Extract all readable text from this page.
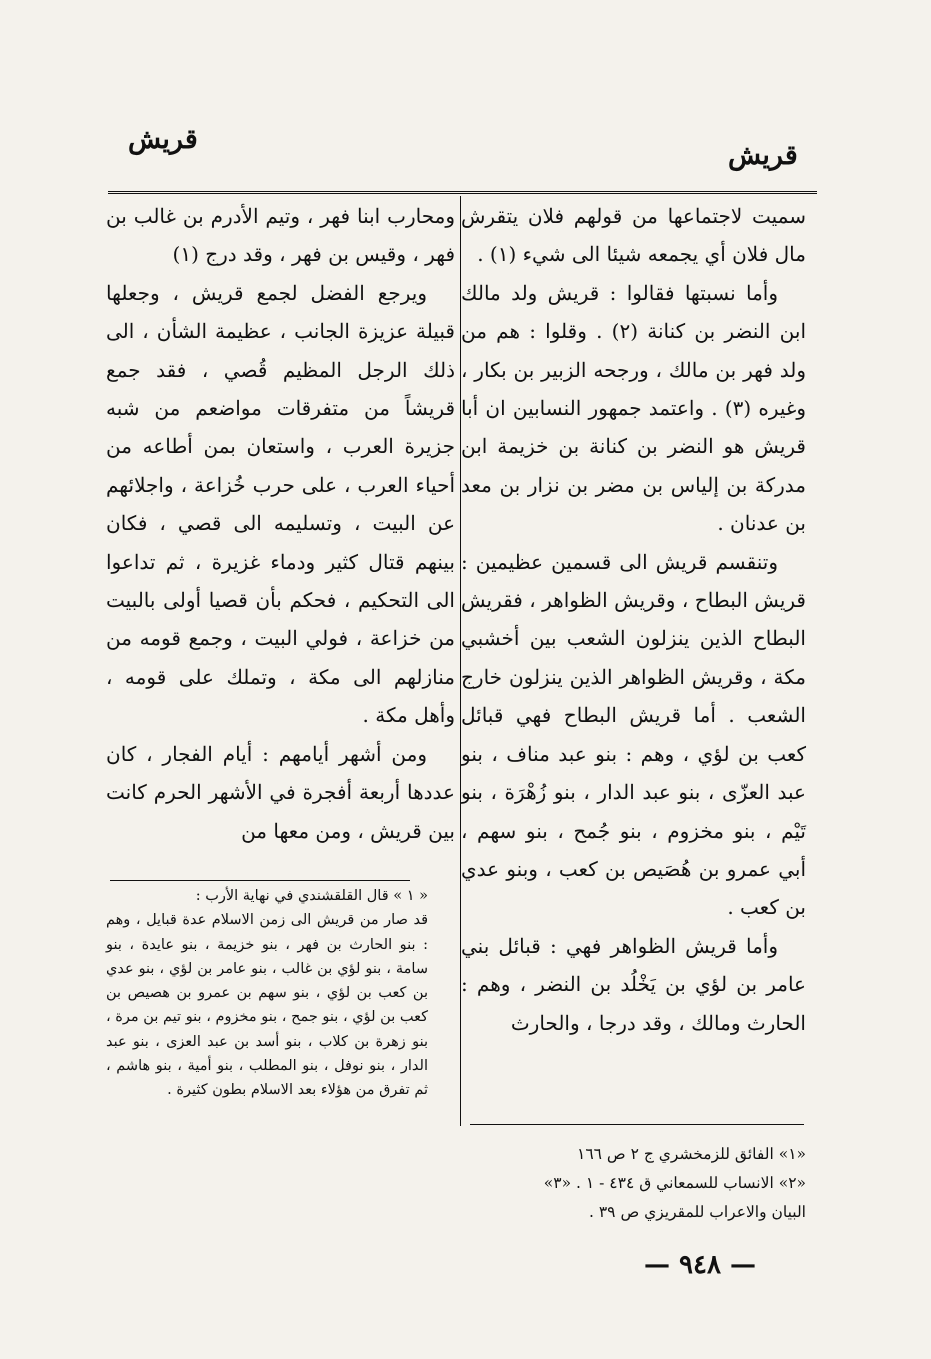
قريش
قريش

سميت لاجتماعها من قولهم فلان يتقرش مال فلان أي يجمعه شيئا الى شيء (١) .

وأما نسبتها فقالوا : قريش ولد مالك ابن النضر بن كنانة (٢) . وقلوا : هم من ولد فهر بن مالك ، ورجحه الزبير بن بكار ، وغيره (٣) . واعتمد جمهور النسابين ان أبا قريش هو النضر بن كنانة بن خزيمة ابن مدركة بن إلياس بن مضر بن نزار بن معد بن عدنان .

وتنقسم قريش الى قسمين عظيمين : قريش البطاح ، وقريش الظواهر ، فقريش البطاح الذين ينزلون الشعب بين أخشبي مكة ، وقريش الظواهر الذين ينزلون خارج الشعب . أما قريش البطاح فهي قبائل كعب بن لؤي ، وهم : بنو عبد مناف ، بنو عبد العزّى ، بنو عبد الدار ، بنو زُهْرَة ، بنو تَيْم ، بنو مخزوم ، بنو جُمح ، بنو سهم ، أبي عمرو بن هُصَيص بن كعب ، وبنو عدي بن كعب .

وأما قريش الظواهر فهي : قبائل بني عامر بن لؤي بن يَخْلُد بن النضر ، وهم : الحارث ومالك ، وقد درجا ، والحارث

ومحارب ابنا فهر ، وتيم الأدرم بن غالب بن فهر ، وقيس بن فهر ، وقد درج (١)

ويرجع الفضل لجمع قريش ، وجعلها قبيلة عزيزة الجانب ، عظيمة الشأن ، الى ذلك الرجل المظيم قُصي ، فقد جمع قريشاً من متفرقات مواضعم من شبه جزيرة العرب ، واستعان بمن أطاعه من أحياء العرب ، على حرب خُزاعة ، واجلائهم عن البيت ، وتسليمه الى قصي ، فكان بينهم قتال كثير ودماء غزيرة ، ثم تداعوا الى التحكيم ، فحكم بأن قصيا أولى بالبيت من خزاعة ، فولي البيت ، وجمع قومه من منازلهم الى مكة ، وتملك على قومه ، وأهل مكة .

ومن أشهر أيامهم : أيام الفجار ، كان عددها أربعة أفجرة في الأشهر الحرم كانت بين قريش ، ومن معها من

« ١ » قال القلقشندي في نهاية الأرب :

قد صار من قريش الى زمن الاسلام عدة قبايل ، وهم : بنو الحارث بن فهر ، بنو خزيمة ، بنو عايدة ، بنو سامة ، بنو لؤي بن غالب ، بنو عامر بن لؤي ، بنو عدي بن كعب بن لؤي ، بنو سهم بن عمرو بن هصيص بن كعب بن لؤي ، بنو جمح ، بنو مخزوم ، بنو تيم بن مرة ، بنو زهرة بن كلاب ، بنو أسد بن عبد العزى ، بنو عبد الدار ، بنو نوفل ، بنو المطلب ، بنو أمية ، بنو هاشم ، ثم تفرق من هؤلاء بعد الاسلام بطون كثيرة .

«١» الفائق للزمخشري ج ٢ ص ١٦٦

«٢» الانساب للسمعاني ق ٤٣٤ - ١ . «٣»

البيان والاعراب للمقريزي ص ٣٩ .

— ٩٤٨ —
